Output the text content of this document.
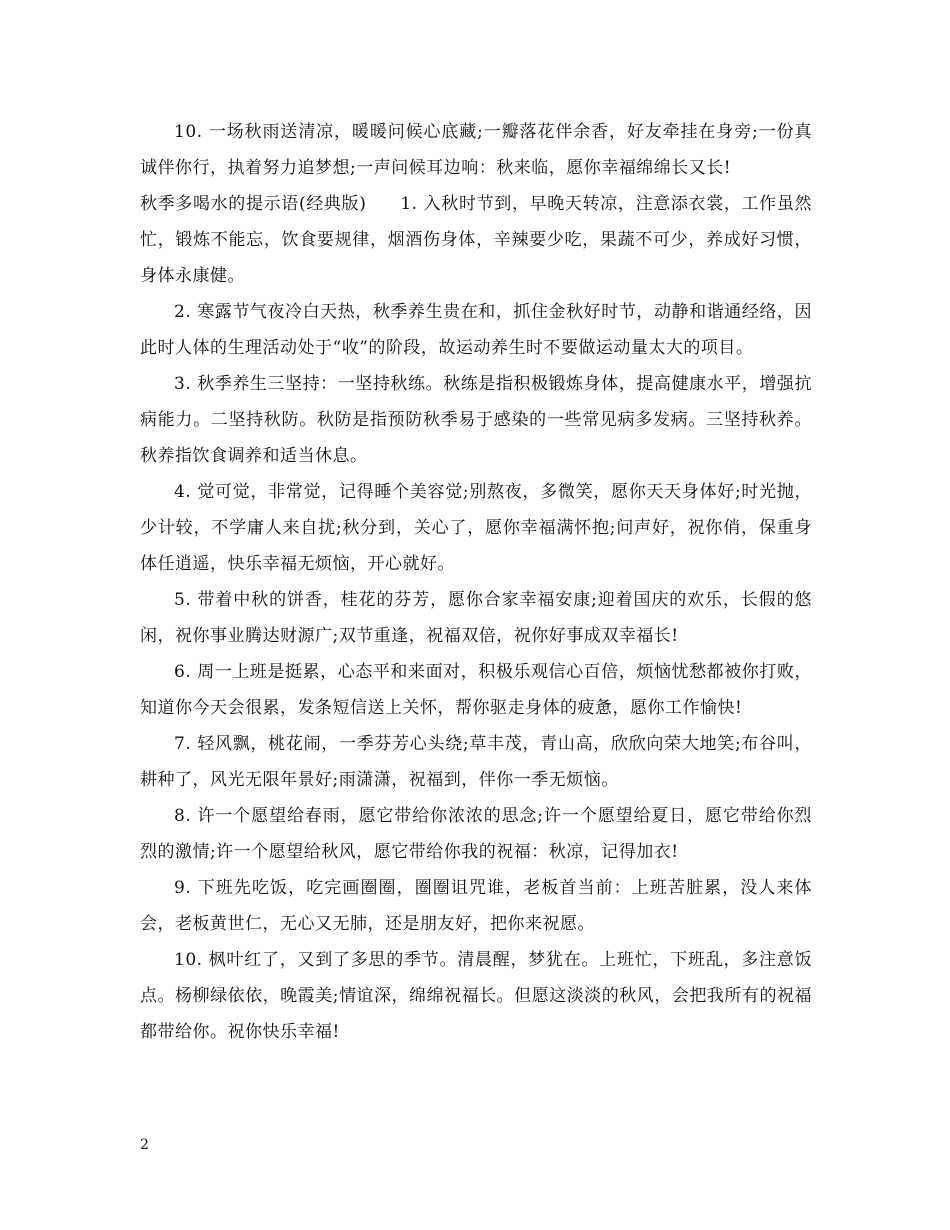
10. 一场秋雨送清凉，暖暖问候心底藏;一瓣落花伴余香，好友牵挂在身旁;一份真诚伴你行，执着努力追梦想;一声问候耳边响：秋来临，愿你幸福绵绵长又长!

秋季多喝水的提示语(经典版) 1. 入秋时节到，早晚天转凉，注意添衣裳，工作虽然忙，锻炼不能忘，饮食要规律，烟酒伤身体，辛辣要少吃，果蔬不可少，养成好习惯，身体永康健。

2. 寒露节气夜冷白天热，秋季养生贵在和，抓住金秋好时节，动静和谐通经络，因此时人体的生理活动处于“收”的阶段，故运动养生时不要做运动量太大的项目。

3. 秋季养生三坚持：一坚持秋练。秋练是指积极锻炼身体，提高健康水平，增强抗病能力。二坚持秋防。秋防是指预防秋季易于感染的一些常见病多发病。三坚持秋养。秋养指饮食调养和适当休息。

4. 觉可觉，非常觉，记得睡个美容觉;别熬夜，多微笑，愿你天天身体好;时光抛，少计较，不学庸人来自扰;秋分到，关心了，愿你幸福满怀抱;问声好，祝你俏，保重身体任逍遥，快乐幸福无烦恼，开心就好。

5. 带着中秋的饼香，桂花的芬芳，愿你合家幸福安康;迎着国庆的欢乐，长假的悠闲，祝你事业腾达财源广;双节重逢，祝福双倍，祝你好事成双幸福长!

6. 周一上班是挺累，心态平和来面对，积极乐观信心百倍，烦恼忧愁都被你打败，知道你今天会很累，发条短信送上关怀，帮你驱走身体的疲惫，愿你工作愉快!

7. 轻风飘，桃花闹，一季芬芳心头绕;草丰茂，青山高，欣欣向荣大地笑;布谷叫，耕种了，风光无限年景好;雨潇潇，祝福到，伴你一季无烦恼。

8. 许一个愿望给春雨，愿它带给你浓浓的思念;许一个愿望给夏日，愿它带给你烈烈的激情;许一个愿望给秋风，愿它带给你我的祝福：秋凉，记得加衣!

9. 下班先吃饭，吃完画圈圈，圈圈诅咒谁，老板首当前：上班苦脏累，没人来体会，老板黄世仁，无心又无肺，还是朋友好，把你来祝愿。

10. 枫叶红了，又到了多思的季节。清晨醒，梦犹在。上班忙，下班乱，多注意饭点。杨柳绿依依，晚霞美;情谊深，绵绵祝福长。但愿这淡淡的秋风，会把我所有的祝福都带给你。祝你快乐幸福!

2
